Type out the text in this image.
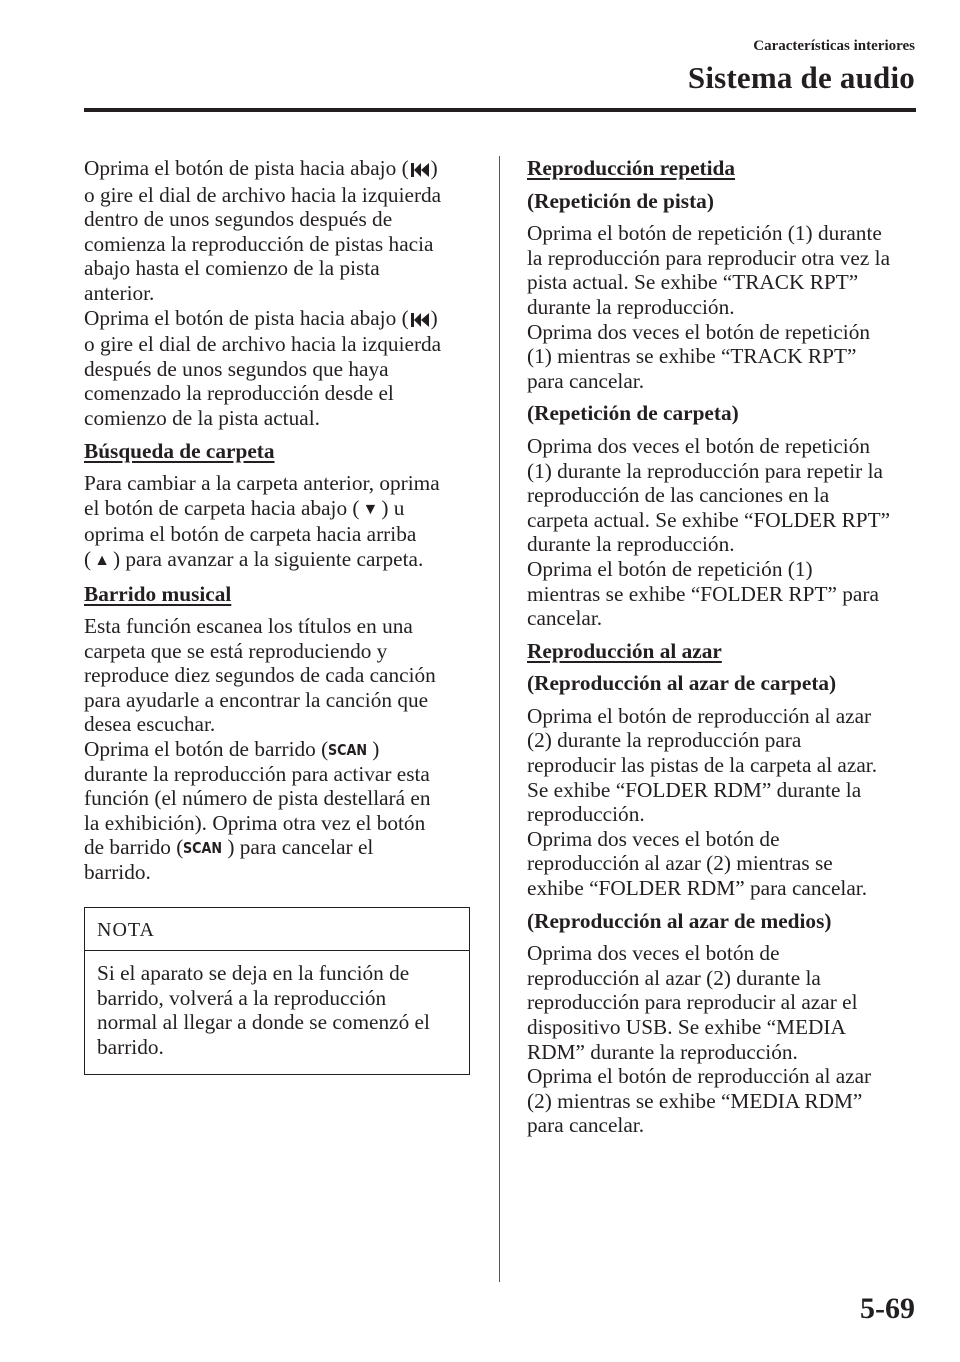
Características interiores
Sistema de audio
Oprima el botón de pista hacia abajo ( )
o gire el dial de archivo hacia la izquierda
dentro de unos segundos después de
comienza la reproducción de pistas hacia
abajo hasta el comienzo de la pista
anterior.
Oprima el botón de pista hacia abajo ( )
o gire el dial de archivo hacia la izquierda
después de unos segundos que haya
comenzado la reproducción desde el
comienzo de la pista actual.
Búsqueda de carpeta
Para cambiar a la carpeta anterior, oprima
el botón de carpeta hacia abajo ( ▼ ) u
oprima el botón de carpeta hacia arriba
( ▲ ) para avanzar a la siguiente carpeta.
Barrido musical
Esta función escanea los títulos en una
carpeta que se está reproduciendo y
reproduce diez segundos de cada canción
para ayudarle a encontrar la canción que
desea escuchar.
Oprima el botón de barrido (SCAN )
durante la reproducción para activar esta
función (el número de pista destellará en
la exhibición). Oprima otra vez el botón
de barrido (SCAN ) para cancelar el
barrido.
NOTA
Si el aparato se deja en la función de
barrido, volverá a la reproducción
normal al llegar a donde se comenzó el
barrido.
Reproducción repetida
(Repetición de pista)
Oprima el botón de repetición (1) durante
la reproducción para reproducir otra vez la
pista actual. Se exhibe “TRACK RPT”
durante la reproducción.
Oprima dos veces el botón de repetición
(1) mientras se exhibe “TRACK RPT”
para cancelar.
(Repetición de carpeta)
Oprima dos veces el botón de repetición
(1) durante la reproducción para repetir la
reproducción de las canciones en la
carpeta actual. Se exhibe “FOLDER RPT”
durante la reproducción.
Oprima el botón de repetición (1)
mientras se exhibe “FOLDER RPT” para
cancelar.
Reproducción al azar
(Reproducción al azar de carpeta)
Oprima el botón de reproducción al azar
(2) durante la reproducción para
reproducir las pistas de la carpeta al azar.
Se exhibe “FOLDER RDM” durante la
reproducción.
Oprima dos veces el botón de
reproducción al azar (2) mientras se
exhibe “FOLDER RDM” para cancelar.
(Reproducción al azar de medios)
Oprima dos veces el botón de
reproducción al azar (2) durante la
reproducción para reproducir al azar el
dispositivo USB. Se exhibe “MEDIA
RDM” durante la reproducción.
Oprima el botón de reproducción al azar
(2) mientras se exhibe “MEDIA RDM”
para cancelar.
5-69
